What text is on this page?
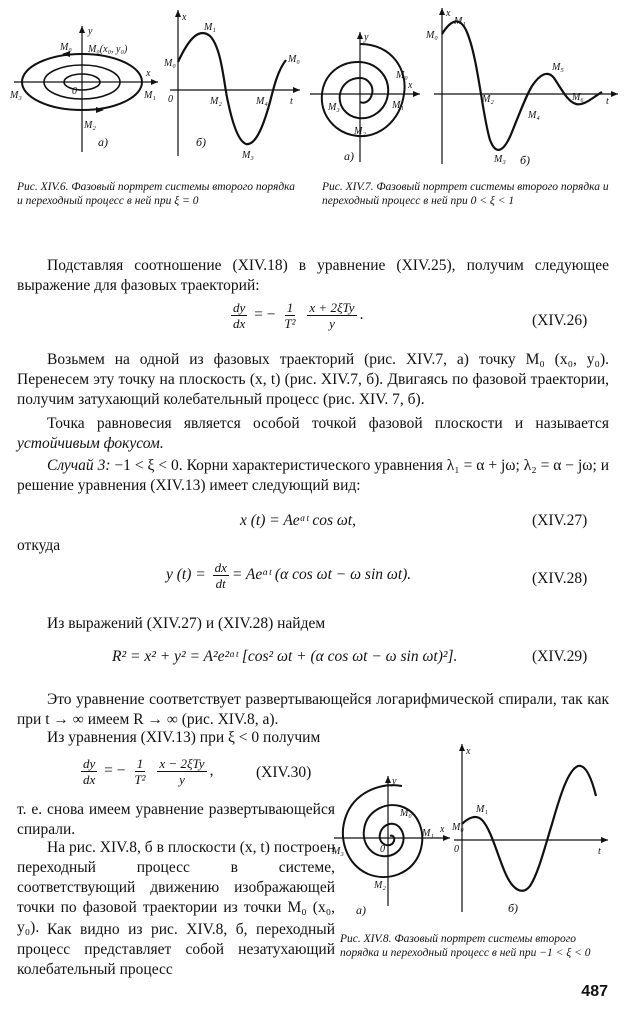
M₀ M₀(x₀, y₀)
M₁
M₂
M₃
y
x
0
а)
M₀
M₁
M₂
M₃
M₄
M₀
x
t
0
б)
y
x
M₀
M₁
M₂
M₃
а)
M₀
M₁
M₂
M₃
M₄
M₅
M₆
x
t
б)
Рис. XIV.6. Фазовый портрет системы второго порядка и переходный процесс в ней при ξ = 0
Рис. XIV.7. Фазовый портрет системы второго порядка и переходный процесс в ней при 0 < ξ < 1
Подставляя соотношение (XIV.18) в уравнение (XIV.25), получим следующее выражение для фазовых траекторий:
$\frac{dy}{dx}$ = − $\frac{1}{\text{T²}}$
$\frac{\text{x + 2ξTy}}{y}$ .	(XIV.26)
Возьмем на одной из фазовых траекторий (рис. XIV.7, а) точку M₀ (x₀, y₀). Перенесем эту точку на плоскость (x, t) (рис. XIV.7, б). Двигаясь по фазовой траектории, получим затухающий колебательный процесс (рис. XIV. 7, б).
Точка равновесия является особой точкой фазовой плоскости и называется устойчивым фокусом.
Случай 3: −1 < ξ < 0. Корни характеристического уравнения λ₁ = α + jω; λ₂ = α − jω; и решение уравнения (XIV.13) имеет следующий вид:
x (t) = Aeᵅᵗ cos ωt,	(XIV.27)
откуда
y $(t) = \frac{dx}{dt}$ = Aeᵅᵗ (α cos ωt − ω sin ωt).	(XIV.28)
Из выражений (XIV.27) и (XIV.28) найдем
R² = x² + y² = A²e²ᵅᵗ [cos² ωt + (α cos ωt − ω sin ωt)²].	(XIV.29)
Это уравнение соответствует развертывающейся логарифмической спирали, так как при t → ∞ имеем R → ∞ (рис. XIV.8, а).
Из уравнения (XIV.13) при ξ < 0 получим
$\frac{dy}{dx}$ = − $\frac{1}{\text{T²}}$
$\frac{\text{x − 2ξTy}}{y}$ ,	(XIV.30)
т. е. снова имеем уравнение развертывающейся спирали.
На рис. XIV.8, б в плоскости (x, t) построен переходный процесс в системе, соответствующий движению изображающей точки по фазовой траектории из точки M₀ (x₀, y₀). Как видно из рис. XIV.8, б, переходный процесс представляет собой незатухающий колебательный процесс
y
x
M₀
M₁
M₂
M₃	0
а)
x
t
M₀
M₁
0
б)
Рис. XIV.8. Фазовый портрет системы второго порядка и переходный процесс в ней при −1 < ξ < 0
487
